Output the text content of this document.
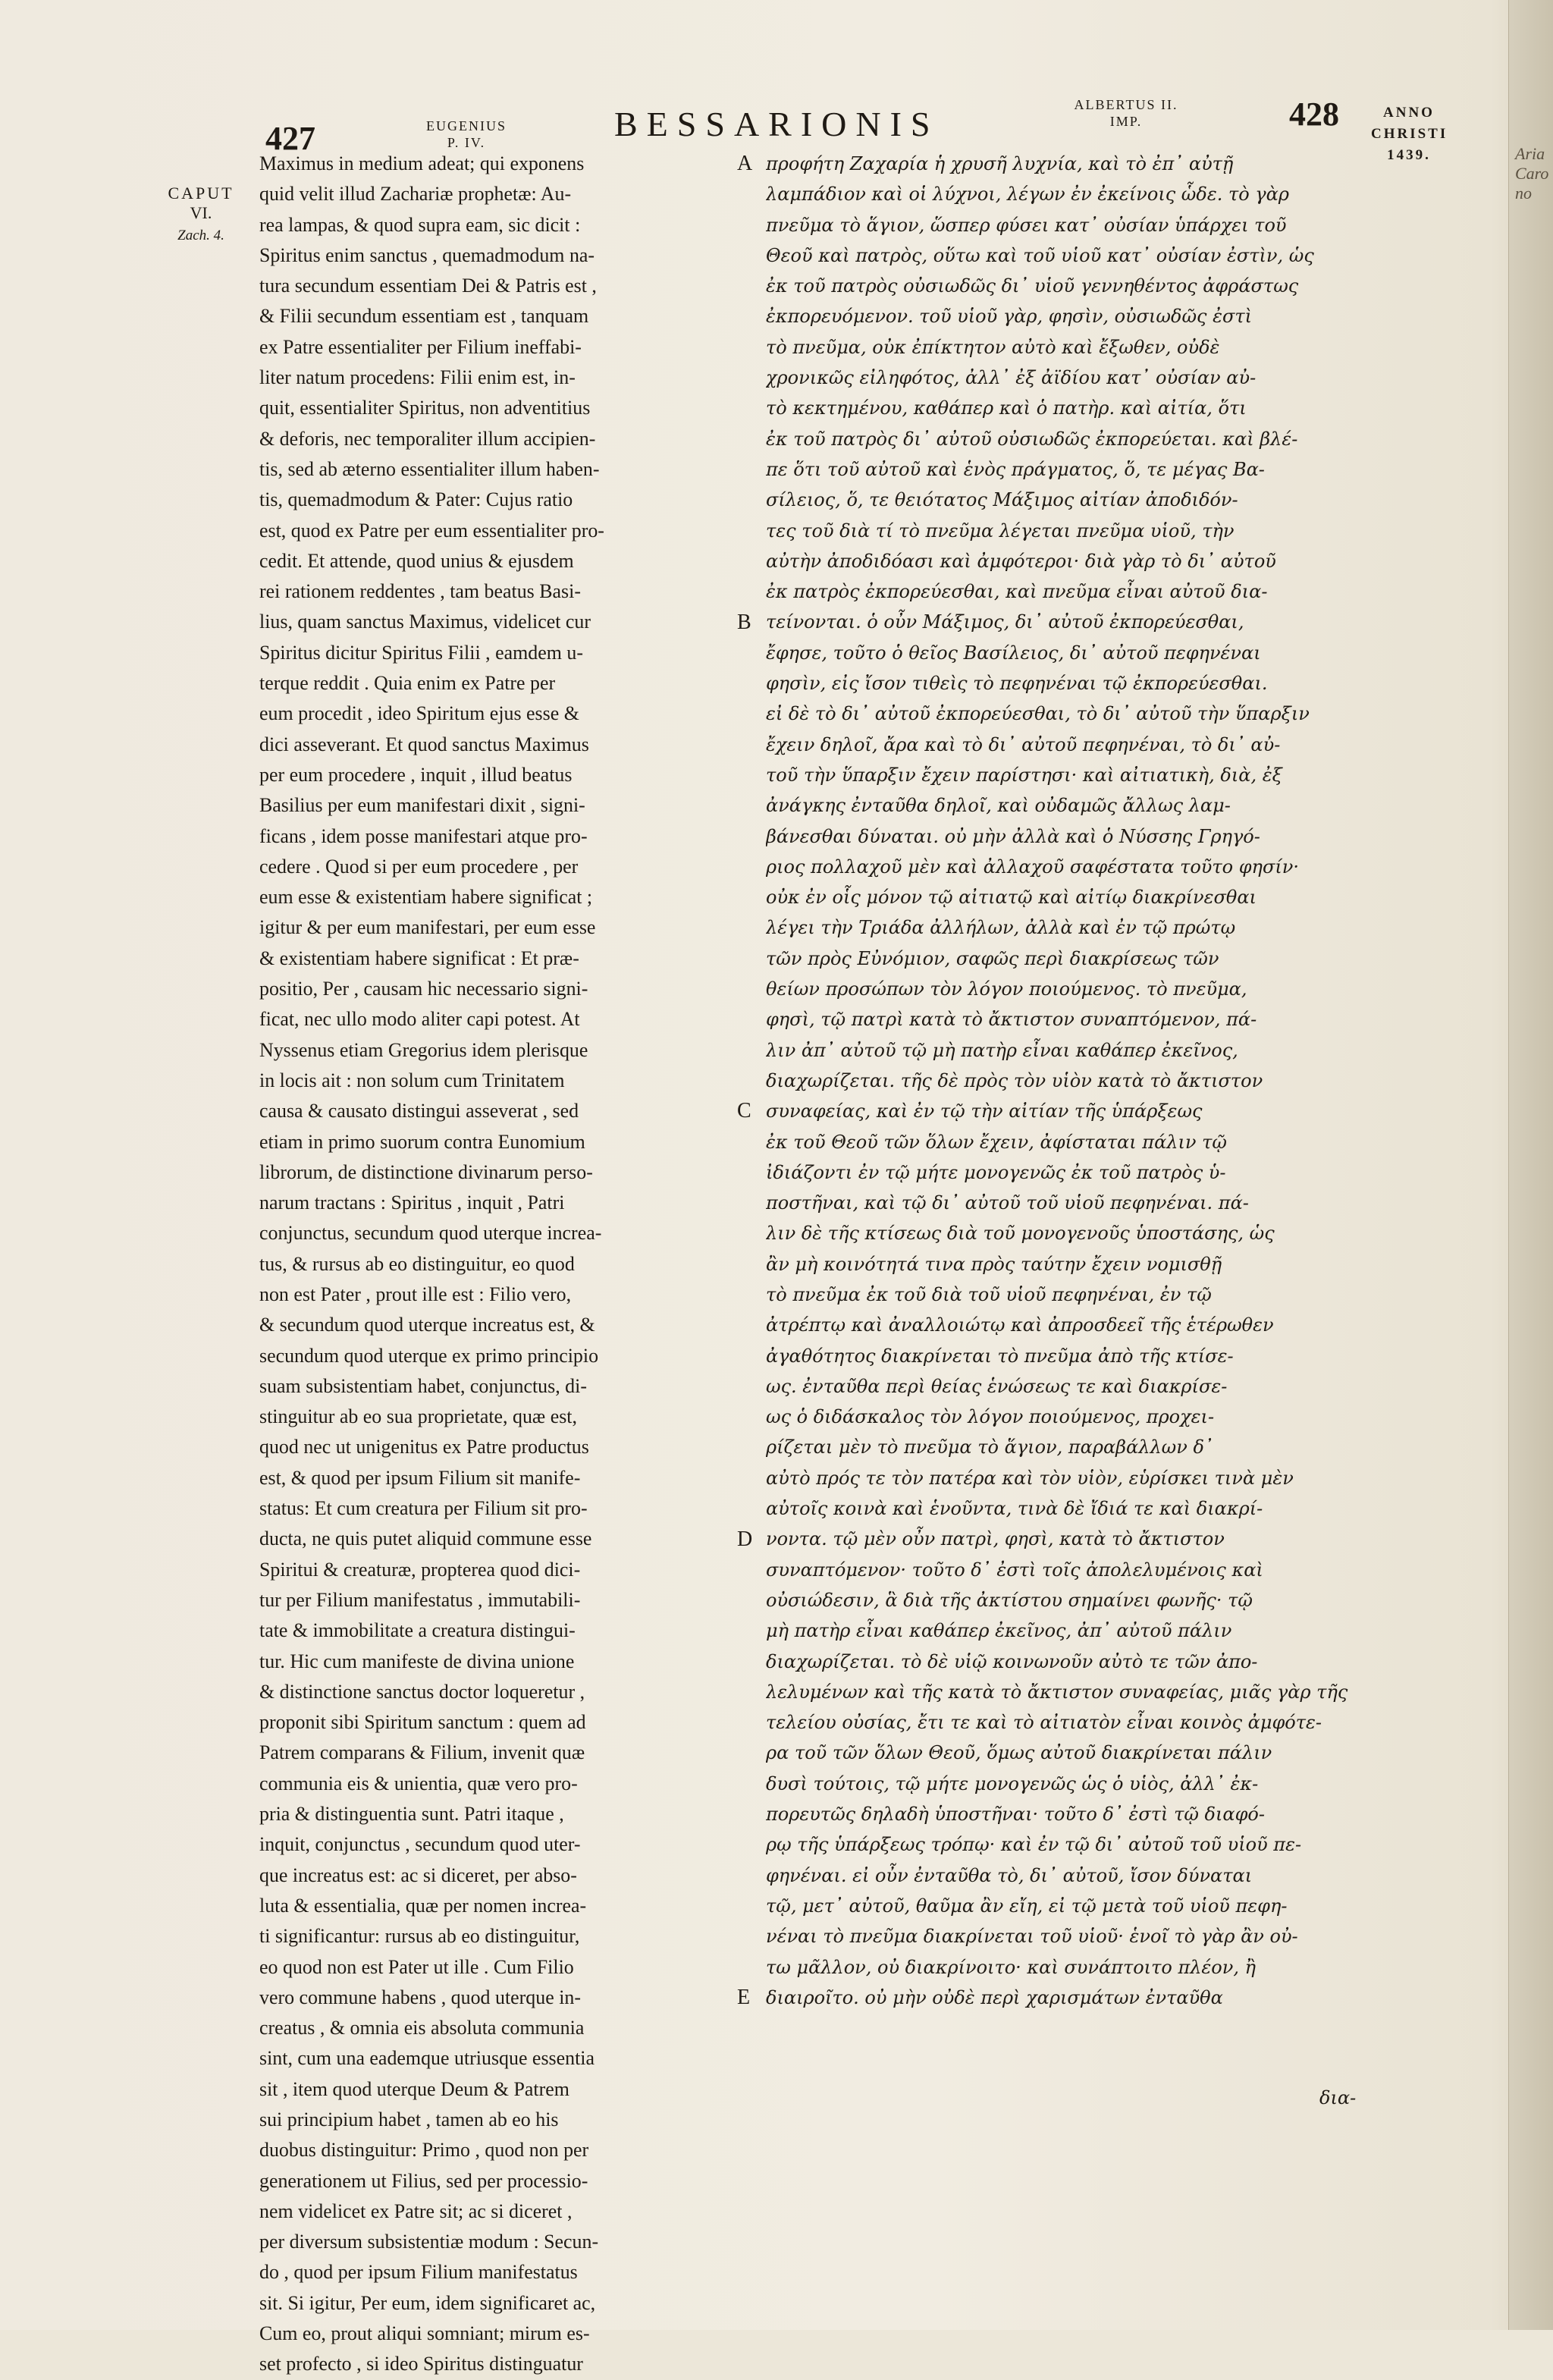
Aria Caro no
427	EUGENIUS
P. IV.	BESSARIONIS	ALBERTUS II.
IMP.	428	ANNO
CHRISTI
1439.
CAPUT
VI.
Zach. 4.
Maximus in medium adeat; qui exponens
quid velit illud Zachariæ prophetæ: Au-
rea lampas, & quod supra eam, sic dicit :
Spiritus enim sanctus , quemadmodum na-
tura secundum essentiam Dei & Patris est ,
& Filii secundum essentiam est , tanquam
ex Patre essentialiter per Filium ineffabi-
liter natum procedens: Filii enim est, in-
quit, essentialiter Spiritus, non adventitius
& deforis, nec temporaliter illum accipien-
tis, sed ab æterno essentialiter illum haben-
tis, quemadmodum & Pater: Cujus ratio
est, quod ex Patre per eum essentialiter pro-
cedit. Et attende, quod unius & ejusdem
rei rationem reddentes , tam beatus Basi-
lius, quam sanctus Maximus, videlicet cur
Spiritus dicitur Spiritus Filii , eamdem u-
terque reddit . Quia enim ex Patre per
eum procedit , ideo Spiritum ejus esse &
dici asseverant. Et quod sanctus Maximus
per eum procedere , inquit , illud beatus
Basilius per eum manifestari dixit , signi-
ficans , idem posse manifestari atque pro-
cedere . Quod si per eum procedere , per
eum esse & existentiam habere significat ;
igitur & per eum manifestari, per eum esse
& existentiam habere significat : Et præ-
positio, Per , causam hic necessario signi-
ficat, nec ullo modo aliter capi potest. At
Nyssenus etiam Gregorius idem plerisque
in locis ait : non solum cum Trinitatem
causa & causato distingui asseverat , sed
etiam in primo suorum contra Eunomium
librorum, de distinctione divinarum perso-
narum tractans : Spiritus , inquit , Patri
conjunctus, secundum quod uterque increa-
tus, & rursus ab eo distinguitur, eo quod
non est Pater , prout ille est : Filio vero,
& secundum quod uterque increatus est, &
secundum quod uterque ex primo principio
suam subsistentiam habet, conjunctus, di-
stinguitur ab eo sua proprietate, quæ est,
quod nec ut unigenitus ex Patre productus
est, & quod per ipsum Filium sit manife-
status: Et cum creatura per Filium sit pro-
ducta, ne quis putet aliquid commune esse
Spiritui & creaturæ, propterea quod dici-
tur per Filium manifestatus , immutabili-
tate & immobilitate a creatura distingui-
tur. Hic cum manifeste de divina unione
& distinctione sanctus doctor loqueretur ,
proponit sibi Spiritum sanctum : quem ad
Patrem comparans & Filium, invenit quæ
communia eis & unientia, quæ vero pro-
pria & distinguentia sunt. Patri itaque ,
inquit, conjunctus , secundum quod uter-
que increatus est: ac si diceret, per abso-
luta & essentialia, quæ per nomen increa-
ti significantur: rursus ab eo distinguitur,
eo quod non est Pater ut ille . Cum Filio
vero commune habens , quod uterque in-
creatus , & omnia eis absoluta communia
sint, cum una eademque utriusque essentia
sit , item quod uterque Deum & Patrem
sui principium habet , tamen ab eo his
duobus distinguitur: Primo , quod non per
generationem ut Filius, sed per processio-
nem videlicet ex Patre sit; ac si diceret ,
per diversum subsistentiæ modum : Secun-
do , quod per ipsum Filium manifestatus
sit. Si igitur, Per eum, idem significaret ac,
Cum eo, prout aliqui somniant; mirum es-
set profecto , si ideo Spiritus distinguatur
A
B
C
D
E
προφήτη Ζαχαρία ἡ χρυσῆ λυχνία, καὶ τὸ ἐπ᾽ αὐτῇ
λαμπάδιον καὶ οἱ λύχνοι, λέγων ἐν ἐκείνοις ὧδε. τὸ γὰρ
πνεῦμα τὸ ἅγιον, ὥσπερ φύσει κατ᾽ οὐσίαν ὑπάρχει τοῦ
Θεοῦ καὶ πατρὸς, οὕτω καὶ τοῦ υἱοῦ κατ᾽ οὐσίαν ἐστὶν, ὡς
ἐκ τοῦ πατρὸς οὐσιωδῶς δι᾽ υἱοῦ γεννηθέντος ἀφράστως
ἐκπορευόμενον. τοῦ υἱοῦ γὰρ, φησὶν, οὐσιωδῶς ἐστὶ
τὸ πνεῦμα, οὐκ ἐπίκτητον αὐτὸ καὶ ἔξωθεν, οὐδὲ
χρονικῶς εἰληφότος, ἀλλ᾽ ἐξ ἀϊδίου κατ᾽ οὐσίαν αὐ-
τὸ κεκτημένου, καθάπερ καὶ ὁ πατὴρ. καὶ αἰτία, ὅτι
ἐκ τοῦ πατρὸς δι᾽ αὐτοῦ οὐσιωδῶς ἐκπορεύεται. καὶ βλέ-
πε ὅτι τοῦ αὐτοῦ καὶ ἑνὸς πράγματος, ὅ, τε μέγας Βα-
σίλειος, ὅ, τε θειότατος Μάξιμος αἰτίαν ἀποδιδόν-
τες τοῦ διὰ τί τὸ πνεῦμα λέγεται πνεῦμα υἱοῦ, τὴν
αὐτὴν ἀποδιδόασι καὶ ἀμφότεροι· διὰ γὰρ τὸ δι᾽ αὐτοῦ
ἐκ πατρὸς ἐκπορεύεσθαι, καὶ πνεῦμα εἶναι αὐτοῦ δια-
τείνονται. ὁ οὖν Μάξιμος, δι᾽ αὐτοῦ ἐκπορεύεσθαι,
ἔφησε, τοῦτο ὁ θεῖος Βασίλειος, δι᾽ αὐτοῦ πεφηνέναι
φησὶν, εἰς ἴσον τιθεὶς τὸ πεφηνέναι τῷ ἐκπορεύεσθαι.
εἰ δὲ τὸ δι᾽ αὐτοῦ ἐκπορεύεσθαι, τὸ δι᾽ αὐτοῦ τὴν ὕπαρξιν
ἔχειν δηλοῖ, ἄρα καὶ τὸ δι᾽ αὐτοῦ πεφηνέναι, τὸ δι᾽ αὐ-
τοῦ τὴν ὕπαρξιν ἔχειν παρίστησι· καὶ αἰτιατικὴ, διὰ, ἐξ
ἀνάγκης ἐνταῦθα δηλοῖ, καὶ οὐδαμῶς ἄλλως λαμ-
βάνεσθαι δύναται. οὐ μὴν ἀλλὰ καὶ ὁ Νύσσης Γρηγό-
ριος πολλαχοῦ μὲν καὶ ἀλλαχοῦ σαφέστατα τοῦτο φησίν·
οὐκ ἐν οἷς μόνον τῷ αἰτιατῷ καὶ αἰτίῳ διακρίνεσθαι
λέγει τὴν Τριάδα ἀλλήλων, ἀλλὰ καὶ ἐν τῷ πρώτῳ
τῶν πρὸς Εὐνόμιον, σαφῶς περὶ διακρίσεως τῶν
θείων προσώπων τὸν λόγον ποιούμενος. τὸ πνεῦμα,
φησὶ, τῷ πατρὶ κατὰ τὸ ἄκτιστον συναπτόμενον, πά-
λιν ἀπ᾽ αὐτοῦ τῷ μὴ πατὴρ εἶναι καθάπερ ἐκεῖνος,
διαχωρίζεται. τῆς δὲ πρὸς τὸν υἱὸν κατὰ τὸ ἄκτιστον
συναφείας, καὶ ἐν τῷ τὴν αἰτίαν τῆς ὑπάρξεως
ἐκ τοῦ Θεοῦ τῶν ὅλων ἔχειν, ἀφίσταται πάλιν τῷ
ἰδιάζοντι ἐν τῷ μήτε μονογενῶς ἐκ τοῦ πατρὸς ὑ-
ποστῆναι, καὶ τῷ δι᾽ αὐτοῦ τοῦ υἱοῦ πεφηνέναι. πά-
λιν δὲ τῆς κτίσεως διὰ τοῦ μονογενοῦς ὑποστάσης, ὡς
ἂν μὴ κοινότητά τινα πρὸς ταύτην ἔχειν νομισθῇ
τὸ πνεῦμα ἐκ τοῦ διὰ τοῦ υἱοῦ πεφηνέναι, ἐν τῷ
ἀτρέπτῳ καὶ ἀναλλοιώτῳ καὶ ἀπροσδεεῖ τῆς ἑτέρωθεν
ἀγαθότητος διακρίνεται τὸ πνεῦμα ἀπὸ τῆς κτίσε-
ως. ἐνταῦθα περὶ θείας ἑνώσεως τε καὶ διακρίσε-
ως ὁ διδάσκαλος τὸν λόγον ποιούμενος, προχει-
ρίζεται μὲν τὸ πνεῦμα τὸ ἅγιον, παραβάλλων δ᾽
αὐτὸ πρός τε τὸν πατέρα καὶ τὸν υἱὸν, εὑρίσκει τινὰ μὲν
αὐτοῖς κοινὰ καὶ ἑνοῦντα, τινὰ δὲ ἴδιά τε καὶ διακρί-
νοντα. τῷ μὲν οὖν πατρὶ, φησὶ, κατὰ τὸ ἄκτιστον
συναπτόμενον· τοῦτο δ᾽ ἐστὶ τοῖς ἀπολελυμένοις καὶ
οὐσιώδεσιν, ἃ διὰ τῆς ἀκτίστου σημαίνει φωνῆς· τῷ
μὴ πατὴρ εἶναι καθάπερ ἐκεῖνος, ἀπ᾽ αὐτοῦ πάλιν
διαχωρίζεται. τὸ δὲ υἱῷ κοινωνοῦν αὐτὸ τε τῶν ἀπο-
λελυμένων καὶ τῆς κατὰ τὸ ἄκτιστον συναφείας, μιᾶς γὰρ τῆς
τελείου οὐσίας, ἔτι τε καὶ τὸ αἰτιατὸν εἶναι κοινὸς ἀμφότε-
ρα τοῦ τῶν ὅλων Θεοῦ, ὅμως αὐτοῦ διακρίνεται πάλιν
δυσὶ τούτοις, τῷ μήτε μονογενῶς ὡς ὁ υἱὸς, ἀλλ᾽ ἐκ-
πορευτῶς δηλαδὴ ὑποστῆναι· τοῦτο δ᾽ ἐστὶ τῷ διαφό-
ρῳ τῆς ὑπάρξεως τρόπῳ· καὶ ἐν τῷ δι᾽ αὐτοῦ τοῦ υἱοῦ πε-
φηνέναι. εἰ οὖν ἐνταῦθα τὸ, δι᾽ αὐτοῦ, ἴσον δύναται
τῷ, μετ᾽ αὐτοῦ, θαῦμα ἂν εἴη, εἰ τῷ μετὰ τοῦ υἱοῦ πεφη-
νέναι τὸ πνεῦμα διακρίνεται τοῦ υἱοῦ· ἑνοῖ τὸ γὰρ ἂν οὐ-
τω μᾶλλον, οὐ διακρίνοιτο· καὶ συνάπτοιτο πλέον, ἢ
διαιροῖτο. οὐ μὴν οὐδὲ περὶ χαρισμάτων ἐνταῦθα
δια-
